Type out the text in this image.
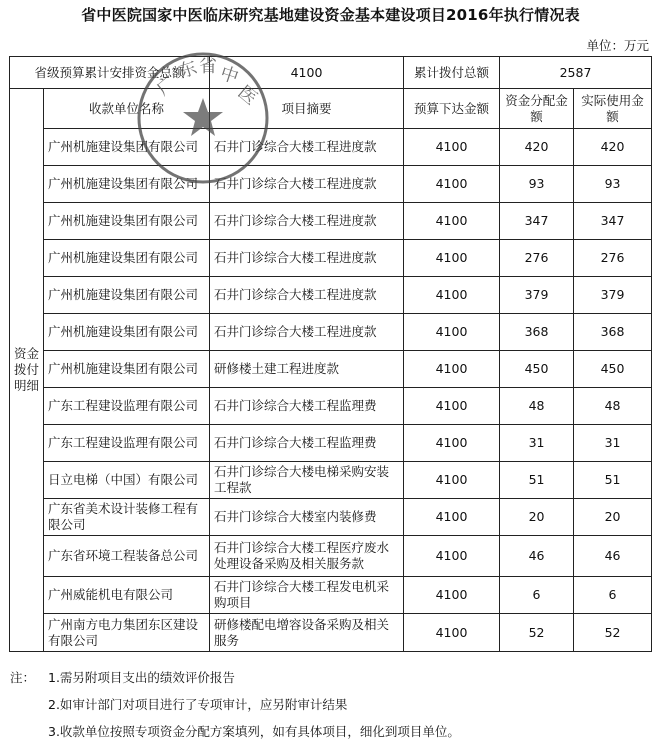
省中医院国家中医临床研究基地建设资金基本建设项目2016年执行情况表
单位：万元
省级预算累计安排资金总额		4100	累计拨付总额	2587	

资金
拨付
明细	收款单位名称	项目摘要	预算下达金额	资金分配金额	实际使用金额
	广州机施建设集团有限公司	石井门诊综合大楼工程进度款	4100	420	420
	广州机施建设集团有限公司	石井门诊综合大楼工程进度款	4100	93	93
	广州机施建设集团有限公司	石井门诊综合大楼工程进度款	4100	347	347
	广州机施建设集团有限公司	石井门诊综合大楼工程进度款	4100	276	276
	广州机施建设集团有限公司	石井门诊综合大楼工程进度款	4100	379	379
	广州机施建设集团有限公司	石井门诊综合大楼工程进度款	4100	368	368
	广州机施建设集团有限公司	研修楼土建工程进度款	4100	450	450
	广东工程建设监理有限公司	石井门诊综合大楼工程监理费	4100	48	48
	广东工程建设监理有限公司	石井门诊综合大楼工程监理费	4100	31	31
	日立电梯（中国）有限公司	石井门诊综合大楼电梯采购安装工程款	4100	51	51
	广东省美术设计装修工程有限公司	石井门诊综合大楼室内装修费	4100	20	20
	广东省环境工程装备总公司	石井门诊综合大楼工程医疗废水处理设备采购及相关服务款	4100	46	46
	广州威能机电有限公司	石井门诊综合大楼工程发电机采购项目	4100	6	6
	广州南方电力集团东区建设有限公司	研修楼配电增容设备采购及相关服务	4100	52	52
广
东 省 中
医
注： 1.需另附项目支出的绩效评价报告
2.如审计部门对项目进行了专项审计，应另附审计结果
3.收款单位按照专项资金分配方案填列，如有具体项目，细化到项目单位。
